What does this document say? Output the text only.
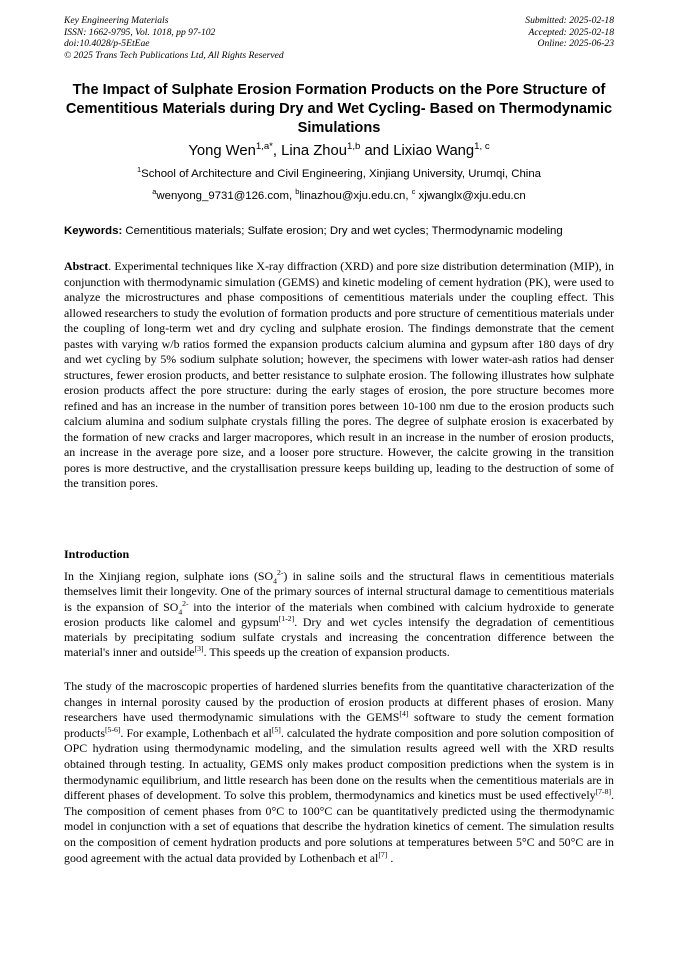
Key Engineering Materials
ISSN: 1662-9795, Vol. 1018, pp 97-102
doi:10.4028/p-5EtEae
© 2025 Trans Tech Publications Ltd, All Rights Reserved
Submitted: 2025-02-18
Accepted: 2025-02-18
Online: 2025-06-23
The Impact of Sulphate Erosion Formation Products on the Pore Structure of Cementitious Materials during Dry and Wet Cycling- Based on Thermodynamic Simulations
Yong Wen$^{1,a*}$, Lina Zhou$^{1,b}$ and Lixiao Wang$^{1, c}$
$^1$School of Architecture and Civil Engineering, Xinjiang University, Urumqi, China
$^a$wenyong_9731@126.com, $^b$linazhou@xju.edu.cn, $^c$ xjwanglx@xju.edu.cn
Keywords: Cementitious materials; Sulfate erosion; Dry and wet cycles; Thermodynamic modeling
Abstract. Experimental techniques like X-ray diffraction (XRD) and pore size distribution determination (MIP), in conjunction with thermodynamic simulation (GEMS) and kinetic modeling of cement hydration (PK), were used to analyze the microstructures and phase compositions of cementitious materials under the coupling effect. This allowed researchers to study the evolution of formation products and pore structure of cementitious materials under the coupling of long-term wet and dry cycling and sulphate erosion. The findings demonstrate that the cement pastes with varying w/b ratios formed the expansion products calcium alumina and gypsum after 180 days of dry and wet cycling by 5% sodium sulphate solution; however, the specimens with lower water-ash ratios had denser structures, fewer erosion products, and better resistance to sulphate erosion. The following illustrates how sulphate erosion products affect the pore structure: during the early stages of erosion, the pore structure becomes more refined and has an increase in the number of transition pores between 10-100 nm due to the erosion products such calcium alumina and sodium sulphate crystals filling the pores. The degree of sulphate erosion is exacerbated by the formation of new cracks and larger macropores, which result in an increase in the number of erosion products, an increase in the average pore size, and a looser pore structure. However, the calcite growing in the transition pores is more destructive, and the crystallisation pressure keeps building up, leading to the destruction of some of the transition pores.
Introduction
In the Xinjiang region, sulphate ions $(SO_4^{2-})$ in saline soils and the structural flaws in cementitious materials themselves limit their longevity. One of the primary sources of internal structural damage to cementitious materials is the expansion of $SO_4^{2-}$ into the interior of the materials when combined with calcium hydroxide to generate erosion products like calomel and gypsum[1-2]. Dry and wet cycles intensify the degradation of cementitious materials by precipitating sodium sulfate crystals and increasing the concentration difference between the material's inner and outside[3]. This speeds up the creation of expansion products.
The study of the macroscopic properties of hardened slurries benefits from the quantitative characterization of the changes in internal porosity caused by the production of erosion products at different phases of erosion. Many researchers have used thermodynamic simulations with the GEMS[4] software to study the cement formation products[5-6]. For example, Lothenbach et al[5]. calculated the hydrate composition and pore solution composition of OPC hydration using thermodynamic modeling, and the simulation results agreed well with the XRD results obtained through testing. In actuality, GEMS only makes product composition predictions when the system is in thermodynamic equilibrium, and little research has been done on the results when the cementitious materials are in different phases of development. To solve this problem, thermodynamics and kinetics must be used effectively[7-8]. The composition of cement phases from 0°C to 100°C can be quantitatively predicted using the thermodynamic model in conjunction with a set of equations that describe the hydration kinetics of cement. The simulation results on the composition of cement hydration products and pore solutions at temperatures between 5°C and 50°C are in good agreement with the actual data provided by Lothenbach et al[7] .
